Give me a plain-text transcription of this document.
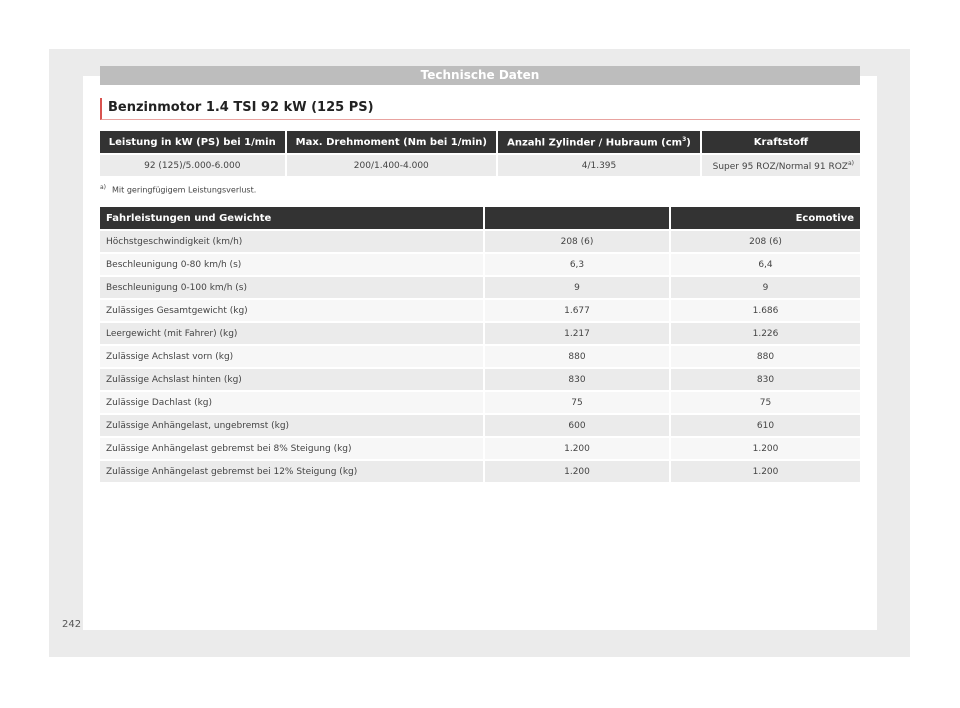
Technische Daten
Benzinmotor 1.4 TSI 92 kW (125 PS)
Leistung in kW (PS) bei 1/min	Max. Drehmoment (Nm bei 1/min)	Anzahl Zylinder / Hubraum $(cm^3)$	Kraftstoff
92 (125)/5.000-6.000	200/1.400-4.000	4/1.395	Super 95 ROZ/Normal 91 ROZ$^{a)}$
$^{a)}$ Mit geringfügigem Leistungsverlust.
Fahrleistungen und Gewichte		Ecomotive
Höchstgeschwindigkeit (km/h)	208 (6)	208 (6)
Beschleunigung 0-80 km/h (s)	6,3	6,4
Beschleunigung 0-100 km/h (s)	9	9
Zulässiges Gesamtgewicht (kg)	1.677	1.686
Leergewicht (mit Fahrer) (kg)	1.217	1.226
Zulässige Achslast vorn (kg)	880	880
Zulässige Achslast hinten (kg)	830	830
Zulässige Dachlast (kg)	75	75
Zulässige Anhängelast, ungebremst (kg)	600	610
Zulässige Anhängelast gebremst bei 8% Steigung (kg)	1.200	1.200
Zulässige Anhängelast gebremst bei 12% Steigung (kg)	1.200	1.200
242
